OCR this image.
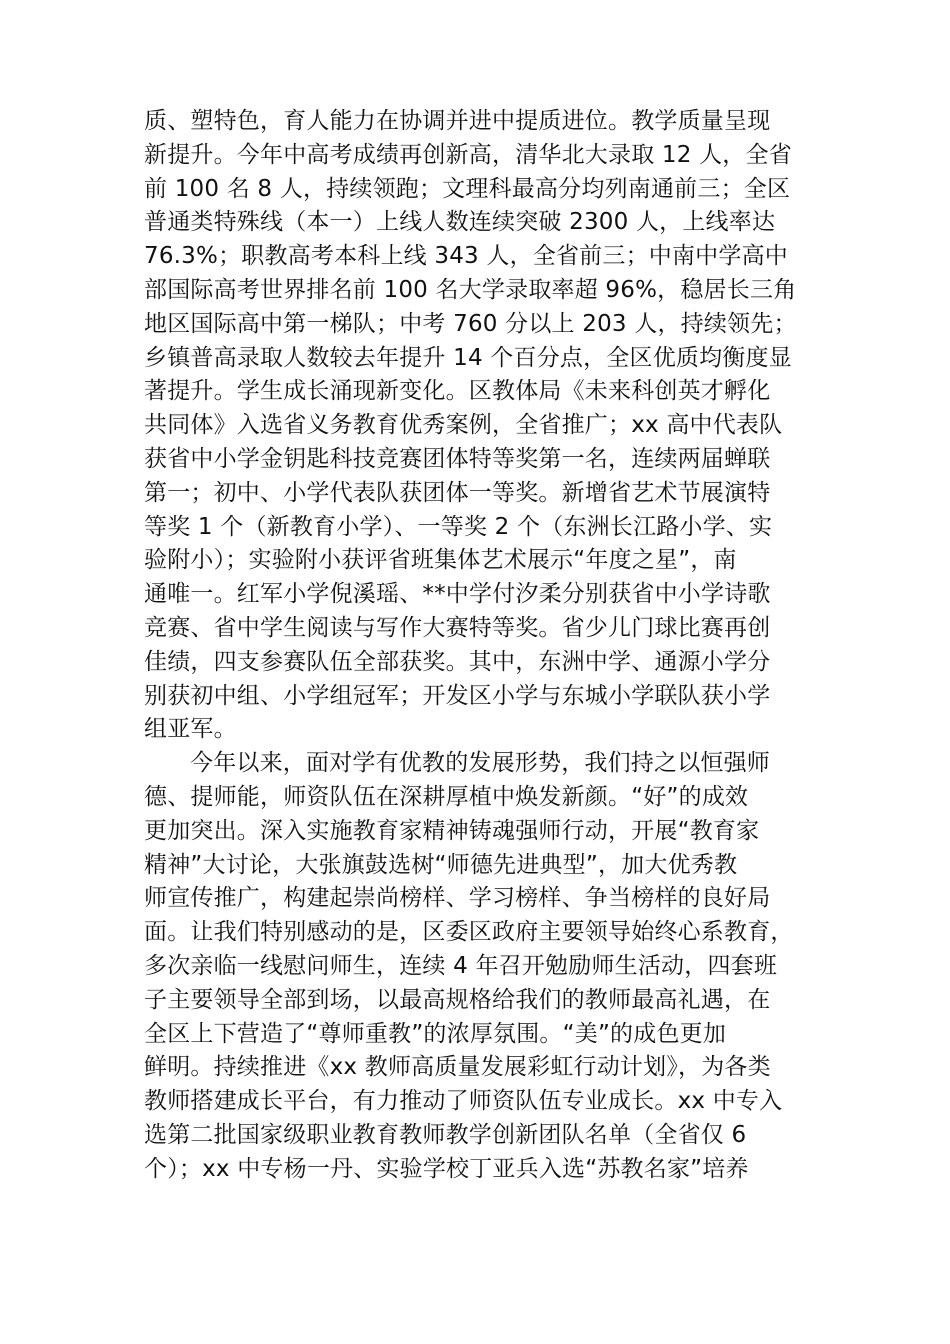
质、塑特色，育人能力在协调并进中提质进位。教学质量呈现
新提升。今年中高考成绩再创新高，清华北大录取 12 人，全省
前 100 名 8 人，持续领跑；文理科最高分均列南通前三；全区
普通类特殊线（本一）上线人数连续突破 2300 人，上线率达
76.3%；职教高考本科上线 343 人，全省前三；中南中学高中
部国际高考世界排名前 100 名大学录取率超 96%，稳居长三角
地区国际高中第一梯队；中考 760 分以上 203 人，持续领先；
乡镇普高录取人数较去年提升 14 个百分点，全区优质均衡度显
著提升。学生成长涌现新变化。区教体局《未来科创英才孵化
共同体》入选省义务教育优秀案例，全省推广；xx 高中代表队
获省中小学金钥匙科技竞赛团体特等奖第一名，连续两届蝉联
第一；初中、小学代表队获团体一等奖。新增省艺术节展演特
等奖 1 个（新教育小学）、一等奖 2 个（东洲长江路小学、实
验附小）；实验附小获评省班集体艺术展示“年度之星”，南
通唯一。红军小学倪溪瑶、**中学付汐柔分别获省中小学诗歌
竞赛、省中学生阅读与写作大赛特等奖。省少儿门球比赛再创
佳绩，四支参赛队伍全部获奖。其中，东洲中学、通源小学分
别获初中组、小学组冠军；开发区小学与东城小学联队获小学
组亚军。
今年以来，面对学有优教的发展形势，我们持之以恒强师
德、提师能，师资队伍在深耕厚植中焕发新颜。“好”的成效
更加突出。深入实施教育家精神铸魂强师行动，开展“教育家
精神”大讨论，大张旗鼓选树“师德先进典型”，加大优秀教
师宣传推广，构建起崇尚榜样、学习榜样、争当榜样的良好局
面。让我们特别感动的是，区委区政府主要领导始终心系教育，
多次亲临一线慰问师生，连续 4 年召开勉励师生活动，四套班
子主要领导全部到场，以最高规格给我们的教师最高礼遇，在
全区上下营造了“尊师重教”的浓厚氛围。“美”的成色更加
鲜明。持续推进《xx 教师高质量发展彩虹行动计划》，为各类
教师搭建成长平台，有力推动了师资队伍专业成长。xx 中专入
选第二批国家级职业教育教师教学创新团队名单（全省仅 6
个）；xx 中专杨一丹、实验学校丁亚兵入选“苏教名家”培养
